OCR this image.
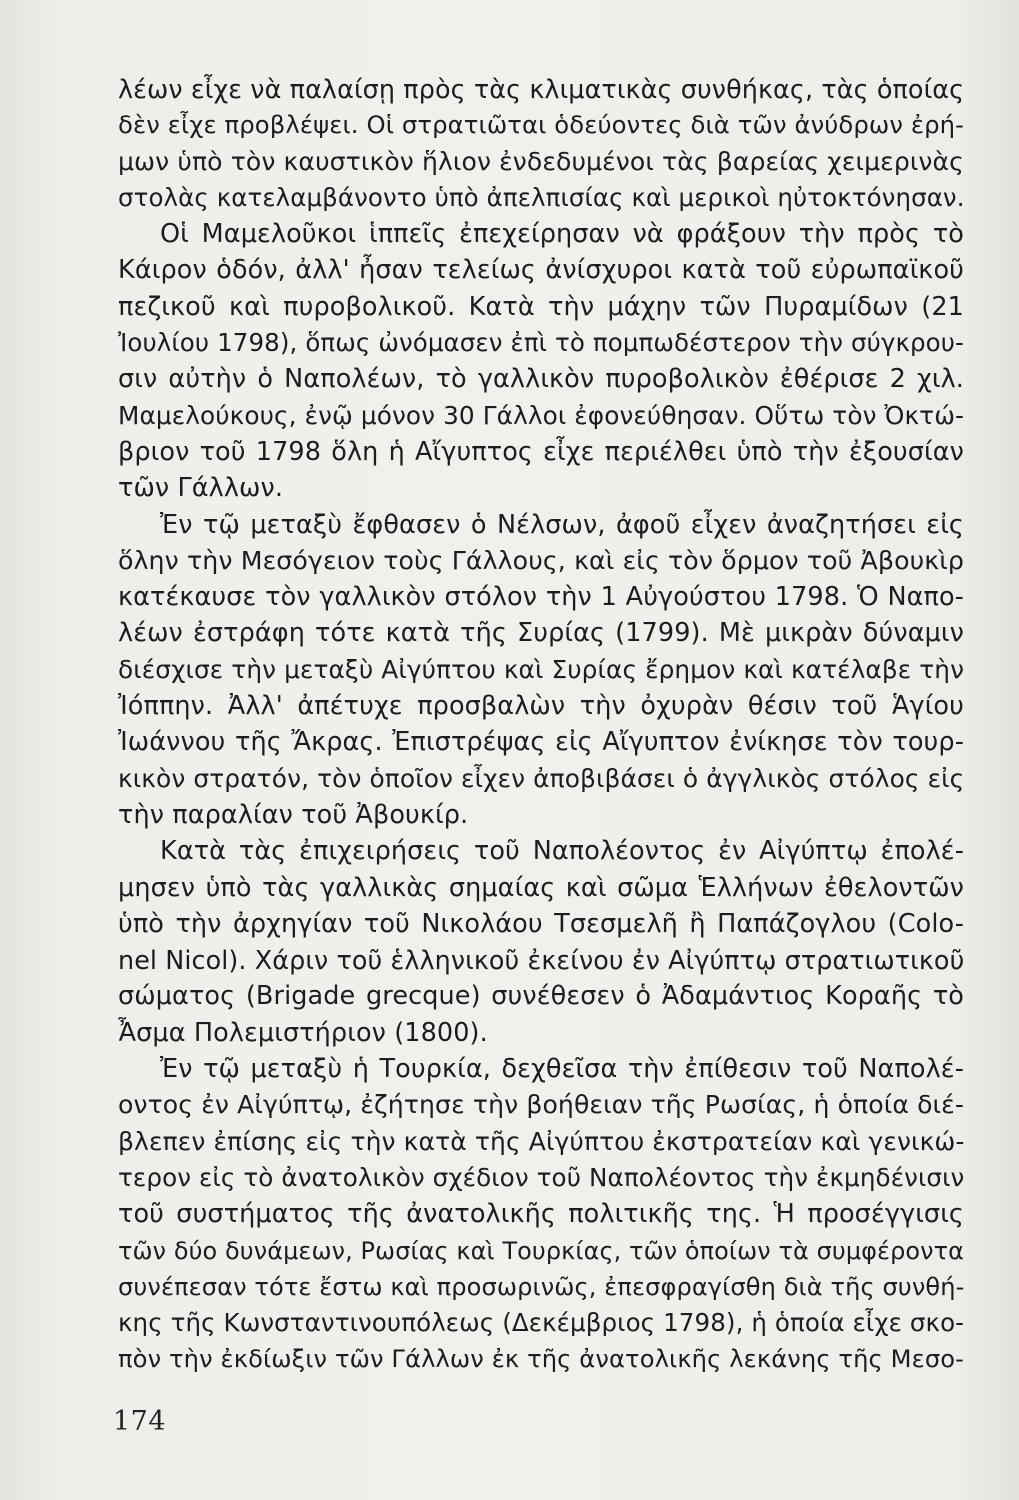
λέων εἶχε νὰ παλαίσῃ πρὸς τὰς κλιματικὰς συνθήκας, τὰς ὁποίας
δὲν εἶχε προβλέψει. Οἱ στρατιῶται ὁδεύοντες διὰ τῶν ἀνύδρων ἐρή-
μων ὑπὸ τὸν καυστικὸν ἥλιον ἐνδεδυμένοι τὰς βαρείας χειμερινὰς
στολὰς κατελαμβάνοντο ὑπὸ ἀπελπισίας καὶ μερικοὶ ηὐτοκτόνησαν.
Οἱ Μαμελοῦκοι ἱππεῖς ἐπεχείρησαν νὰ φράξουν τὴν πρὸς τὸ
Κάιρον ὁδόν, ἀλλ' ἦσαν τελείως ἀνίσχυροι κατὰ τοῦ εὐρωπαϊκοῦ
πεζικοῦ καὶ πυροβολικοῦ. Κατὰ τὴν μάχην τῶν Πυραμίδων (21
Ἰουλίου 1798), ὅπως ὠνόμασεν ἐπὶ τὸ πομπωδέστερον τὴν σύγκρου-
σιν αὐτὴν ὁ Ναπολέων, τὸ γαλλικὸν πυροβολικὸν ἐθέρισε 2 χιλ.
Μαμελούκους, ἐνῷ μόνον 30 Γάλλοι ἐφονεύθησαν. Οὕτω τὸν Ὀκτώ-
βριον τοῦ 1798 ὅλη ἡ Αἴγυπτος εἶχε περιέλθει ὑπὸ τὴν ἐξουσίαν
τῶν Γάλλων.
Ἐν τῷ μεταξὺ ἔφθασεν ὁ Νέλσων, ἀφοῦ εἶχεν ἀναζητήσει εἰς
ὅλην τὴν Μεσόγειον τοὺς Γάλλους, καὶ εἰς τὸν ὅρμον τοῦ Ἀβουκὶρ
κατέκαυσε τὸν γαλλικὸν στόλον τὴν 1 Αὐγούστου 1798. Ὁ Ναπο-
λέων ἐστράφη τότε κατὰ τῆς Συρίας (1799). Μὲ μικρὰν δύναμιν
διέσχισε τὴν μεταξὺ Αἰγύπτου καὶ Συρίας ἔρημον καὶ κατέλαβε τὴν
Ἰόππην. Ἀλλ' ἀπέτυχε προσβαλὼν τὴν ὀχυρὰν θέσιν τοῦ Ἁγίου
Ἰωάννου τῆς Ἄκρας. Ἐπιστρέψας εἰς Αἴγυπτον ἐνίκησε τὸν τουρ-
κικὸν στρατόν, τὸν ὁποῖον εἶχεν ἀποβιβάσει ὁ ἀγγλικὸς στόλος εἰς
τὴν παραλίαν τοῦ Ἀβουκίρ.
Κατὰ τὰς ἐπιχειρήσεις τοῦ Ναπολέοντος ἐν Αἰγύπτῳ ἐπολέ-
μησεν ὑπὸ τὰς γαλλικὰς σημαίας καὶ σῶμα Ἑλλήνων ἐθελοντῶν
ὑπὸ τὴν ἀρχηγίαν τοῦ Νικολάου Τσεσμελῆ ἢ Παπάζογλου (Colo-
nel Nicol). Χάριν τοῦ ἑλληνικοῦ ἐκείνου ἐν Αἰγύπτῳ στρατιωτικοῦ
σώματος (Brigade grecque) συνέθεσεν ὁ Ἀδαμάντιος Κοραῆς τὸ
Ἆσμα Πολεμιστήριον (1800).
Ἐν τῷ μεταξὺ ἡ Τουρκία, δεχθεῖσα τὴν ἐπίθεσιν τοῦ Ναπολέ-
οντος ἐν Αἰγύπτῳ, ἐζήτησε τὴν βοήθειαν τῆς Ρωσίας, ἡ ὁποία διέ-
βλεπεν ἐπίσης εἰς τὴν κατὰ τῆς Αἰγύπτου ἐκστρατείαν καὶ γενικώ-
τερον εἰς τὸ ἀνατολικὸν σχέδιον τοῦ Ναπολέοντος τὴν ἐκμηδένισιν
τοῦ συστήματος τῆς ἀνατολικῆς πολιτικῆς της. Ἡ προσέγγισις
τῶν δύο δυνάμεων, Ρωσίας καὶ Τουρκίας, τῶν ὁποίων τὰ συμφέροντα
συνέπεσαν τότε ἔστω καὶ προσωρινῶς, ἐπεσφραγίσθη διὰ τῆς συνθή-
κης τῆς Κωνσταντινουπόλεως (Δεκέμβριος 1798), ἡ ὁποία εἶχε σκο-
πὸν τὴν ἐκδίωξιν τῶν Γάλλων ἐκ τῆς ἀνατολικῆς λεκάνης τῆς Μεσο-
174
